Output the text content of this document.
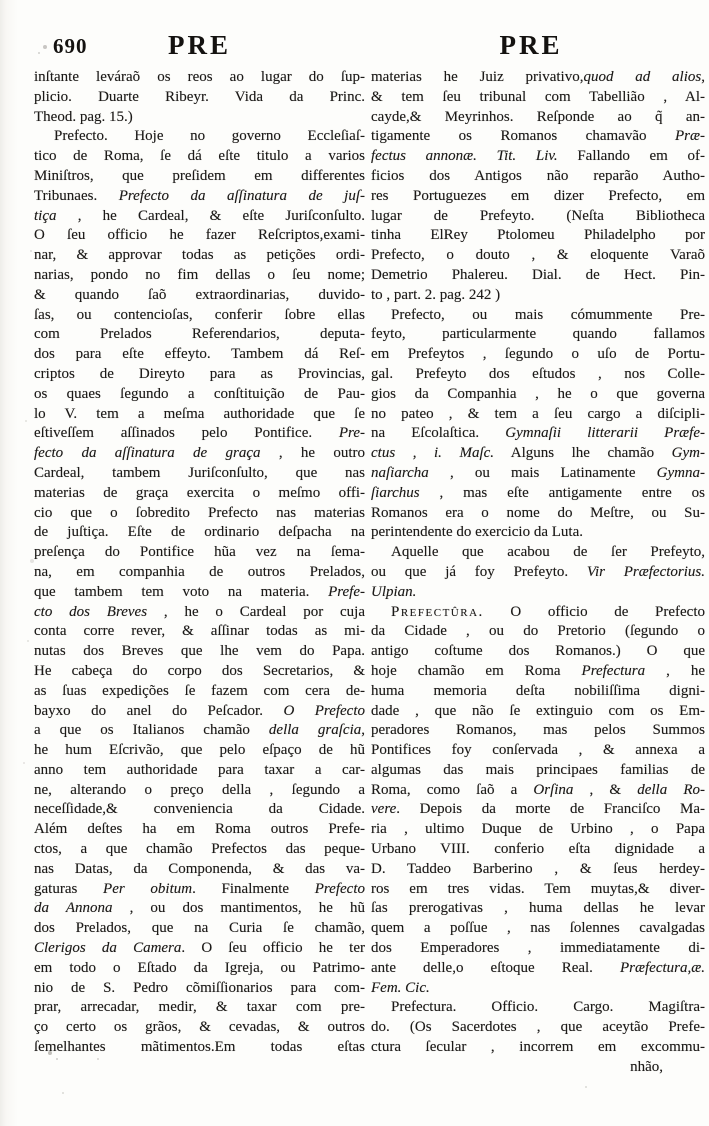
690	PRE	PRE
inſtante leváraõ os reos ao lugar do ſup-
plicio. Duarte Ribeyr. Vida da Princ.
Theod. pag. 15.)
Prefecto. Hoje no governo Eccleſiaſ-
tico de Roma, ſe dá eſte titulo a varios
Miniſtros, que preſidem em differentes
Tribunaes. Prefecto da aſſinatura de juſ-
tiça , he Cardeal, & eſte Juriſconſulto.
O ſeu officio he fazer Reſcriptos,exami-
nar, & approvar todas as petições ordi-
narias, pondo no fim dellas o ſeu nome;
& quando ſaõ extraordinarias, duvido-
ſas, ou contencioſas, conferir ſobre ellas
com Prelados Referendarios, deputa-
dos para eſte effeyto. Tambem dá Reſ-
criptos de Direyto para as Provincias,
os quaes ſegundo a conſtituição de Pau-
lo V. tem a meſma authoridade que ſe
eſtiveſſem aſſinados pelo Pontifice. Pre-
fecto da aſſinatura de graça , he outro
Cardeal, tambem Juriſconſulto, que nas
materias de graça exercita o meſmo offi-
cio que o ſobredito Prefecto nas materias
de juſtiça. Eſte de ordinario deſpacha na
preſença do Pontifice hũa vez na ſema-
na, em companhia de outros Prelados,
que tambem tem voto na materia. Prefe-
cto dos Breves , he o Cardeal por cuja
conta corre rever, & aſſinar todas as mi-
nutas dos Breves que lhe vem do Papa.
He cabeça do corpo dos Secretarios, &
as ſuas expedições ſe fazem com cera de-
bayxo do anel do Peſcador. O Prefecto
a que os Italianos chamão della graſcia,
he hum Eſcrivão, que pelo eſpaço de hũ
anno tem authoridade para taxar a car-
ne, alterando o preço della , ſegundo a
neceſſidade,& conveniencia da Cidade.
Além deſtes ha em Roma outros Prefe-
ctos, a que chamão Prefectos das peque-
nas Datas, da Componenda, & das va-
gaturas Per obitum. Finalmente Prefecto
da Annona , ou dos mantimentos, he hũ
dos Prelados, que na Curia ſe chamão,
Clerigos da Camera. O ſeu officio he ter
em todo o Eſtado da Igreja, ou Patrimo-
nio de S. Pedro cõmiſſionarios para com-
prar, arrecadar, medir, & taxar com pre-
ço certo os grãos, & cevadas, & outros
ſemelhantes mãtimentos.Em todas eſtas
materias he Juiz privativo,quod ad alios,
& tem ſeu tribunal com Tabellião , Al-
cayde,& Meyrinhos. Reſponde ao q̃ an-
tigamente os Romanos chamavão Præ-
fectus annonæ. Tit. Liv. Fallando em of-
ficios dos Antigos não reparão Autho-
res Portuguezes em dizer Prefecto, em
lugar de Prefeyto. (Neſta Bibliotheca
tinha ElRey Ptolomeu Philadelpho por
Prefecto, o douto , & eloquente Varaõ
Demetrio Phalereu. Dial. de Hect. Pin-
to , part. 2. pag. 242 )
Prefecto, ou mais cómummente Pre-
feyto, particularmente quando fallamos
em Prefeytos , ſegundo o uſo de Portu-
gal. Prefeyto dos eſtudos , nos Colle-
gios da Companhia , he o que governa
no pateo , & tem a ſeu cargo a diſcipli-
na Eſcolaſtica. Gymnaſii litterarii Præfe-
ctus , i. Maſc. Alguns lhe chamão Gym-
naſiarcha , ou mais Latinamente Gymna-
ſiarchus , mas eſte antigamente entre os
Romanos era o nome do Meſtre, ou Su-
perintendente do exercicio da Luta.
Aquelle que acabou de ſer Prefeyto,
ou que já foy Prefeyto. Vir Præfectorius.
Ulpian.
Prefectûra. O officio de Prefecto
da Cidade , ou do Pretorio (ſegundo o
antigo coſtume dos Romanos.) O que
hoje chamão em Roma Prefectura , he
huma memoria deſta nobiliſſima digni-
dade , que não ſe extinguio com os Em-
peradores Romanos, mas pelos Summos
Pontifices foy conſervada , & annexa a
algumas das mais principaes familias de
Roma, como ſaõ a Orſina , & della Ro-
vere. Depois da morte de Franciſco Ma-
ria , ultimo Duque de Urbino , o Papa
Urbano VIII. conferio eſta dignidade a
D. Taddeo Barberino , & ſeus herdey-
ros em tres vidas. Tem muytas,& diver-
ſas prerogativas , huma dellas he levar
quem a poſſue , nas ſolennes cavalgadas
dos Emperadores , immediatamente di-
ante delle,o eſtoque Real. Præfectura,æ.
Fem. Cic.
Prefectura. Officio. Cargo. Magiſtra-
do. (Os Sacerdotes , que aceytão Prefe-
ctura ſecular , incorrem em excommu-
nhão,
